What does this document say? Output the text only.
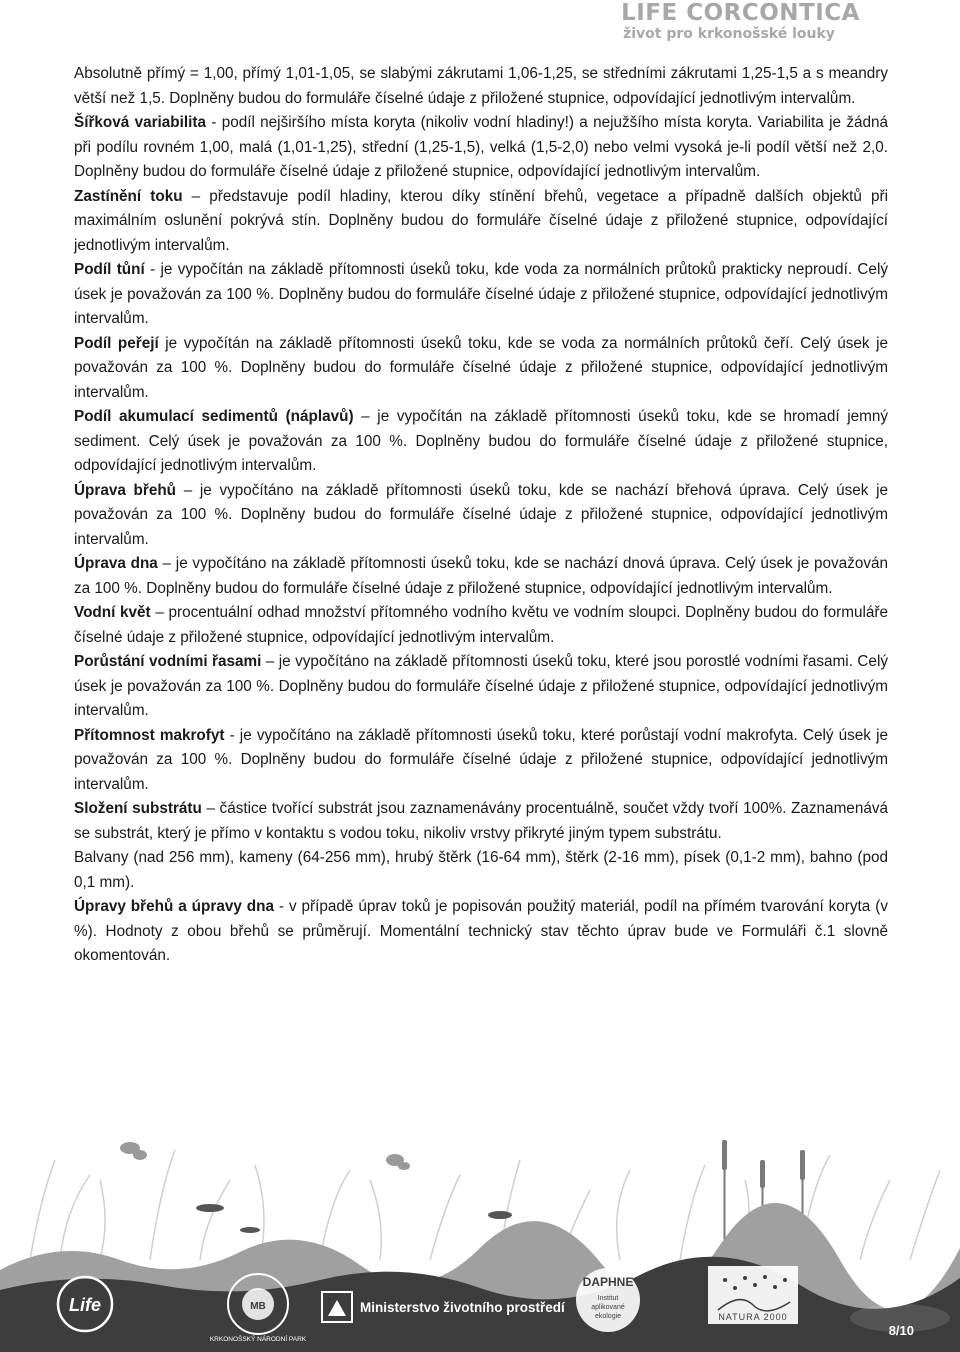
LIFE CORCONTICA
život pro krkonošské louky

Absolutně přímý = 1,00, přímý 1,01-1,05, se slabými zákrutami 1,06-1,25, se středními zákrutami 1,25-1,5 a s meandry větší než 1,5. Doplněny budou do formuláře číselné údaje z přiložené stupnice, odpovídající jednotlivým intervalům.

Šířková variabilita - podíl nejširšího místa koryta (nikoliv vodní hladiny!) a nejužšího místa koryta. Variabilita je žádná při podílu rovném 1,00, malá (1,01-1,25), střední (1,25-1,5), velká (1,5-2,0) nebo velmi vysoká je-li podíl větší než 2,0. Doplněny budou do formuláře číselné údaje z přiložené stupnice, odpovídající jednotlivým intervalům.

Zastínění toku – představuje podíl hladiny, kterou díky stínění břehů, vegetace a případně dalších objektů při maximálním oslunění pokrývá stín. Doplněny budou do formuláře číselné údaje z přiložené stupnice, odpovídající jednotlivým intervalům.

Podíl tůní - je vypočítán na základě přítomnosti úseků toku, kde voda za normálních průtoků prakticky neproudí. Celý úsek je považován za 100 %. Doplněny budou do formuláře číselné údaje z přiložené stupnice, odpovídající jednotlivým intervalům.

Podíl peřejí je vypočítán na základě přítomnosti úseků toku, kde se voda za normálních průtoků čeří. Celý úsek je považován za 100 %. Doplněny budou do formuláře číselné údaje z přiložené stupnice, odpovídající jednotlivým intervalům.

Podíl akumulací sedimentů (náplavů) – je vypočítán na základě přítomnosti úseků toku, kde se hromadí jemný sediment. Celý úsek je považován za 100 %. Doplněny budou do formuláře číselné údaje z přiložené stupnice, odpovídající jednotlivým intervalům.

Úprava břehů – je vypočítáno na základě přítomnosti úseků toku, kde se nachází břehová úprava. Celý úsek je považován za 100 %. Doplněny budou do formuláře číselné údaje z přiložené stupnice, odpovídající jednotlivým intervalům.

Úprava dna – je vypočítáno na základě přítomnosti úseků toku, kde se nachází dnová úprava. Celý úsek je považován za 100 %. Doplněny budou do formuláře číselné údaje z přiložené stupnice, odpovídající jednotlivým intervalům.

Vodní květ – procentuální odhad množství přítomného vodního květu ve vodním sloupci. Doplněny budou do formuláře číselné údaje z přiložené stupnice, odpovídající jednotlivým intervalům.

Porůstání vodními řasami – je vypočítáno na základě přítomnosti úseků toku, které jsou porostlé vodními řasami. Celý úsek je považován za 100 %. Doplněny budou do formuláře číselné údaje z přiložené stupnice, odpovídající jednotlivým intervalům.

Přítomnost makrofyt - je vypočítáno na základě přítomnosti úseků toku, které porůstají vodní makrofyta. Celý úsek je považován za 100 %. Doplněny budou do formuláře číselné údaje z přiložené stupnice, odpovídající jednotlivým intervalům.

Složení substrátu – částice tvořící substrát jsou zaznamenávány procentuálně, součet vždy tvoří 100%. Zaznamenává se substrát, který je přímo v kontaktu s vodou toku, nikoliv vrstvy přikryté jiným typem substrátu.

Balvany (nad 256 mm), kameny (64-256 mm), hrubý štěrk (16-64 mm), štěrk (2-16 mm), písek (0,1-2 mm), bahno (pod 0,1 mm).

Úpravy břehů a úpravy dna - v případě úprav toků je popisován použitý materiál, podíl na přímém tvarování koryta (v %). Hodnoty z obou břehů se průměrují. Momentální technický stav těchto úprav bude ve Formuláři č.1 slovně okomentován.

Life
KRKONOŠSKÝ NÁRODNÍ PARK
MB	Ministerstvo životního prostředí
DAPHNE
Institut
aplikované
ekologie	NATURA 2000
8/10
